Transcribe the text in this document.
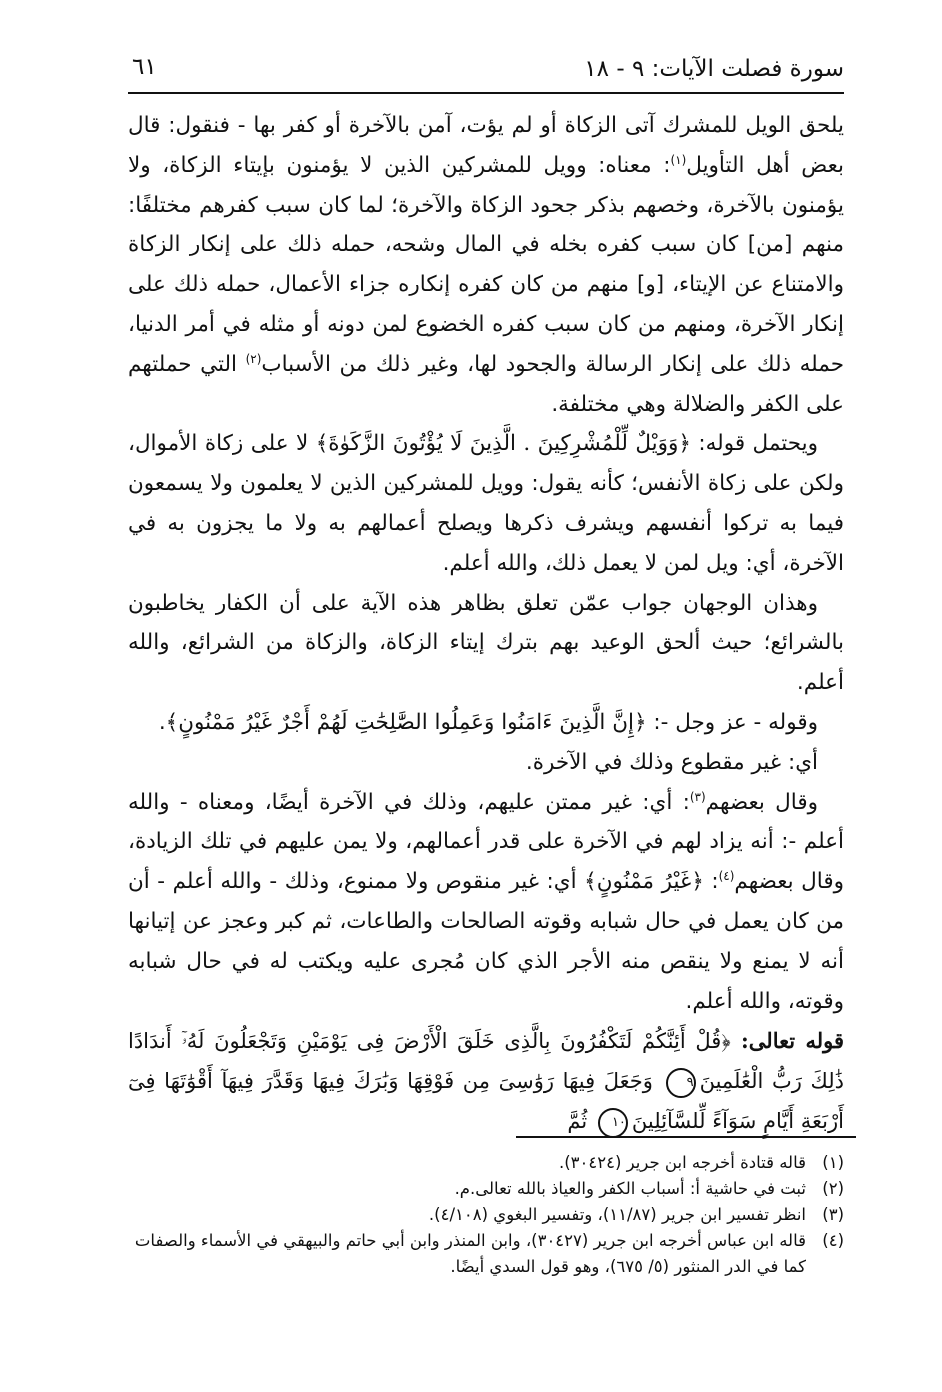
سورة فصلت الآيات: ٩ - ١٨
٦١

يلحق الويل للمشرك آتى الزكاة أو لم يؤت، آمن بالآخرة أو كفر بها - فنقول: قال بعض أهل التأويل$^{(١)}$: معناه: وويل للمشركين الذين لا يؤمنون بإيتاء الزكاة، ولا يؤمنون بالآخرة، وخصهم بذكر جحود الزكاة والآخرة؛ لما كان سبب كفرهم مختلفًا: منهم [من] كان سبب كفره بخله في المال وشحه، حمله ذلك على إنكار الزكاة والامتناع عن الإيتاء، [و] منهم من كان كفره إنكاره جزاء الأعمال، حمله ذلك على إنكار الآخرة، ومنهم من كان سبب كفره الخضوع لمن دونه أو مثله في أمر الدنيا، حمله ذلك على إنكار الرسالة والجحود لها، وغير ذلك من الأسباب$^{(٢)}$ التي حملتهم على الكفر والضلالة وهي مختلفة.

ويحتمل قوله: ﴿وَوَيْلٌ لِّلْمُشْرِكِينَ . الَّذِينَ لَا يُؤْتُونَ الزَّكَوٰةَ﴾ لا على زكاة الأموال، ولكن على زكاة الأنفس؛ كأنه يقول: وويل للمشركين الذين لا يعلمون ولا يسمعون فيما به تركوا أنفسهم ويشرف ذكرها ويصلح أعمالهم به ولا ما يجزون به في الآخرة، أي: ويل لمن لا يعمل ذلك، والله أعلم.

وهذان الوجهان جواب عمّن تعلق بظاهر هذه الآية على أن الكفار يخاطبون بالشرائع؛ حيث ألحق الوعيد بهم بترك إيتاء الزكاة، والزكاة من الشرائع، والله أعلم.

وقوله - عز وجل -: ﴿إِنَّ الَّذِينَ ءَامَنُوا وَعَمِلُوا الصَّٰلِحَٰتِ لَهُمْ أَجْرٌ غَيْرُ مَمْنُونٍ﴾.

أي: غير مقطوع وذلك في الآخرة.

وقال بعضهم$^{(٣)}$: أي: غير ممتن عليهم، وذلك في الآخرة أيضًا، ومعناه - والله أعلم -: أنه يزاد لهم في الآخرة على قدر أعمالهم، ولا يمن عليهم في تلك الزيادة، وقال بعضهم$^{(٤)}$: ﴿غَيْرُ مَمْنُونٍ﴾ أي: غير منقوص ولا ممنوع، وذلك - والله أعلم - أن من كان يعمل في حال شبابه وقوته الصالحات والطاعات، ثم كبر وعجز عن إتيانها أنه لا يمنع ولا ينقص منه الأجر الذي كان مُجرى عليه ويكتب له في حال شبابه وقوته، والله أعلم.

قوله تعالى: ﴿قُلْ أَئِنَّكُمْ لَتَكْفُرُونَ بِالَّذِى خَلَقَ الْأَرْضَ فِى يَوْمَيْنِ وَتَجْعَلُونَ لَهُۥٓ أَندَادًا ذَٰلِكَ رَبُّ الْعَٰلَمِينَ٩ وَجَعَلَ فِيهَا رَوَٰسِىَ مِن فَوْقِهَا وَبَٰرَكَ فِيهَا وَقَدَّرَ فِيهَآ أَقْوَٰتَهَا فِىٓ أَرْبَعَةِ أَيَّامٍ سَوَآءً لِّلسَّآئِلِينَ١٠ ثُمَّ

(١)
قاله قتادة أخرجه ابن جرير (٣٠٤٢٤).

(٢)
ثبت في حاشية أ: أسباب الكفر والعياذ بالله تعالى.م.

(٣)
انظر تفسير ابن جرير (١١/٨٧)، وتفسير البغوي (٤/١٠٨).

(٤)
قاله ابن عباس أخرجه ابن جرير (٣٠٤٢٧)، وابن المنذر وابن أبي حاتم والبيهقي في الأسماء والصفات كما في الدر المنثور (٥/ ٦٧٥)، وهو قول السدي أيضًا.
